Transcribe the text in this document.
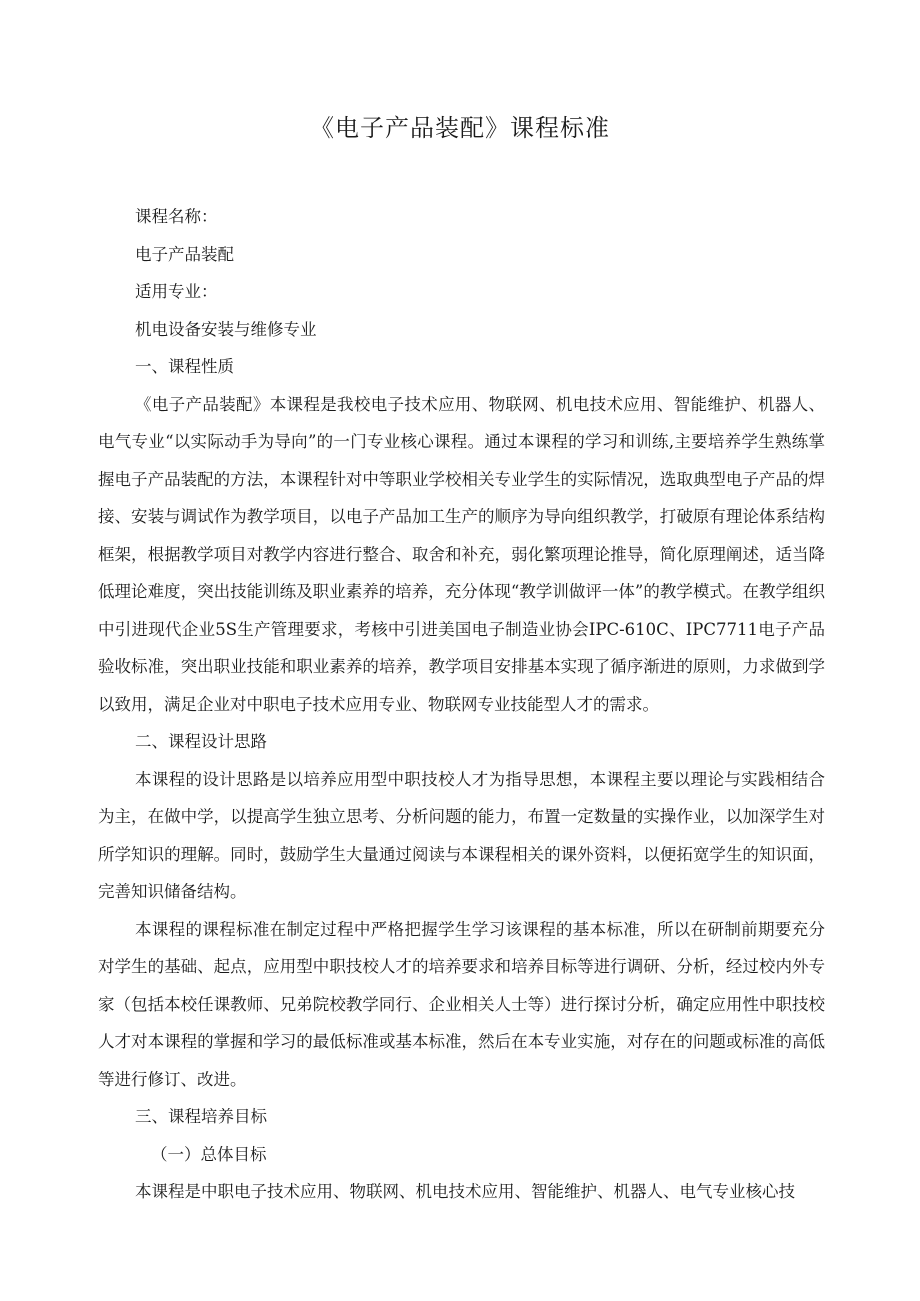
《电子产品装配》课程标准

课程名称：

电子产品装配

适用专业：

机电设备安装与维修专业

一、课程性质

《电子产品装配》本课程是我校电子技术应用、物联网、机电技术应用、智能维护、机器人、电气专业“以实际动手为导向”的一门专业核心课程。通过本课程的学习和训练,主要培养学生熟练掌握电子产品装配的方法，本课程针对中等职业学校相关专业学生的实际情况，选取典型电子产品的焊接、安装与调试作为教学项目，以电子产品加工生产的顺序为导向组织教学，打破原有理论体系结构框架，根据教学项目对教学内容进行整合、取舍和补充，弱化繁项理论推导，简化原理阐述，适当降低理论难度，突出技能训练及职业素养的培养，充分体现“教学训做评一体”的教学模式。在教学组织中引进现代企业5S生产管理要求，考核中引进美国电子制造业协会IPC-610C、IPC7711电子产品验收标准，突出职业技能和职业素养的培养，教学项目安排基本实现了循序渐进的原则，力求做到学以致用，满足企业对中职电子技术应用专业、物联网专业技能型人才的需求。

二、课程设计思路

本课程的设计思路是以培养应用型中职技校人才为指导思想，本课程主要以理论与实践相结合为主，在做中学，以提高学生独立思考、分析问题的能力，布置一定数量的实操作业，以加深学生对所学知识的理解。同时，鼓励学生大量通过阅读与本课程相关的课外资料，以便拓宽学生的知识面，完善知识储备结构。

本课程的课程标准在制定过程中严格把握学生学习该课程的基本标准，所以在研制前期要充分对学生的基础、起点，应用型中职技校人才的培养要求和培养目标等进行调研、分析，经过校内外专家（包括本校任课教师、兄弟院校教学同行、企业相关人士等）进行探讨分析，确定应用性中职技校人才对本课程的掌握和学习的最低标准或基本标准，然后在本专业实施，对存在的问题或标准的高低等进行修订、改进。

三、课程培养目标

（一）总体目标

本课程是中职电子技术应用、物联网、机电技术应用、智能维护、机器人、电气专业核心技
